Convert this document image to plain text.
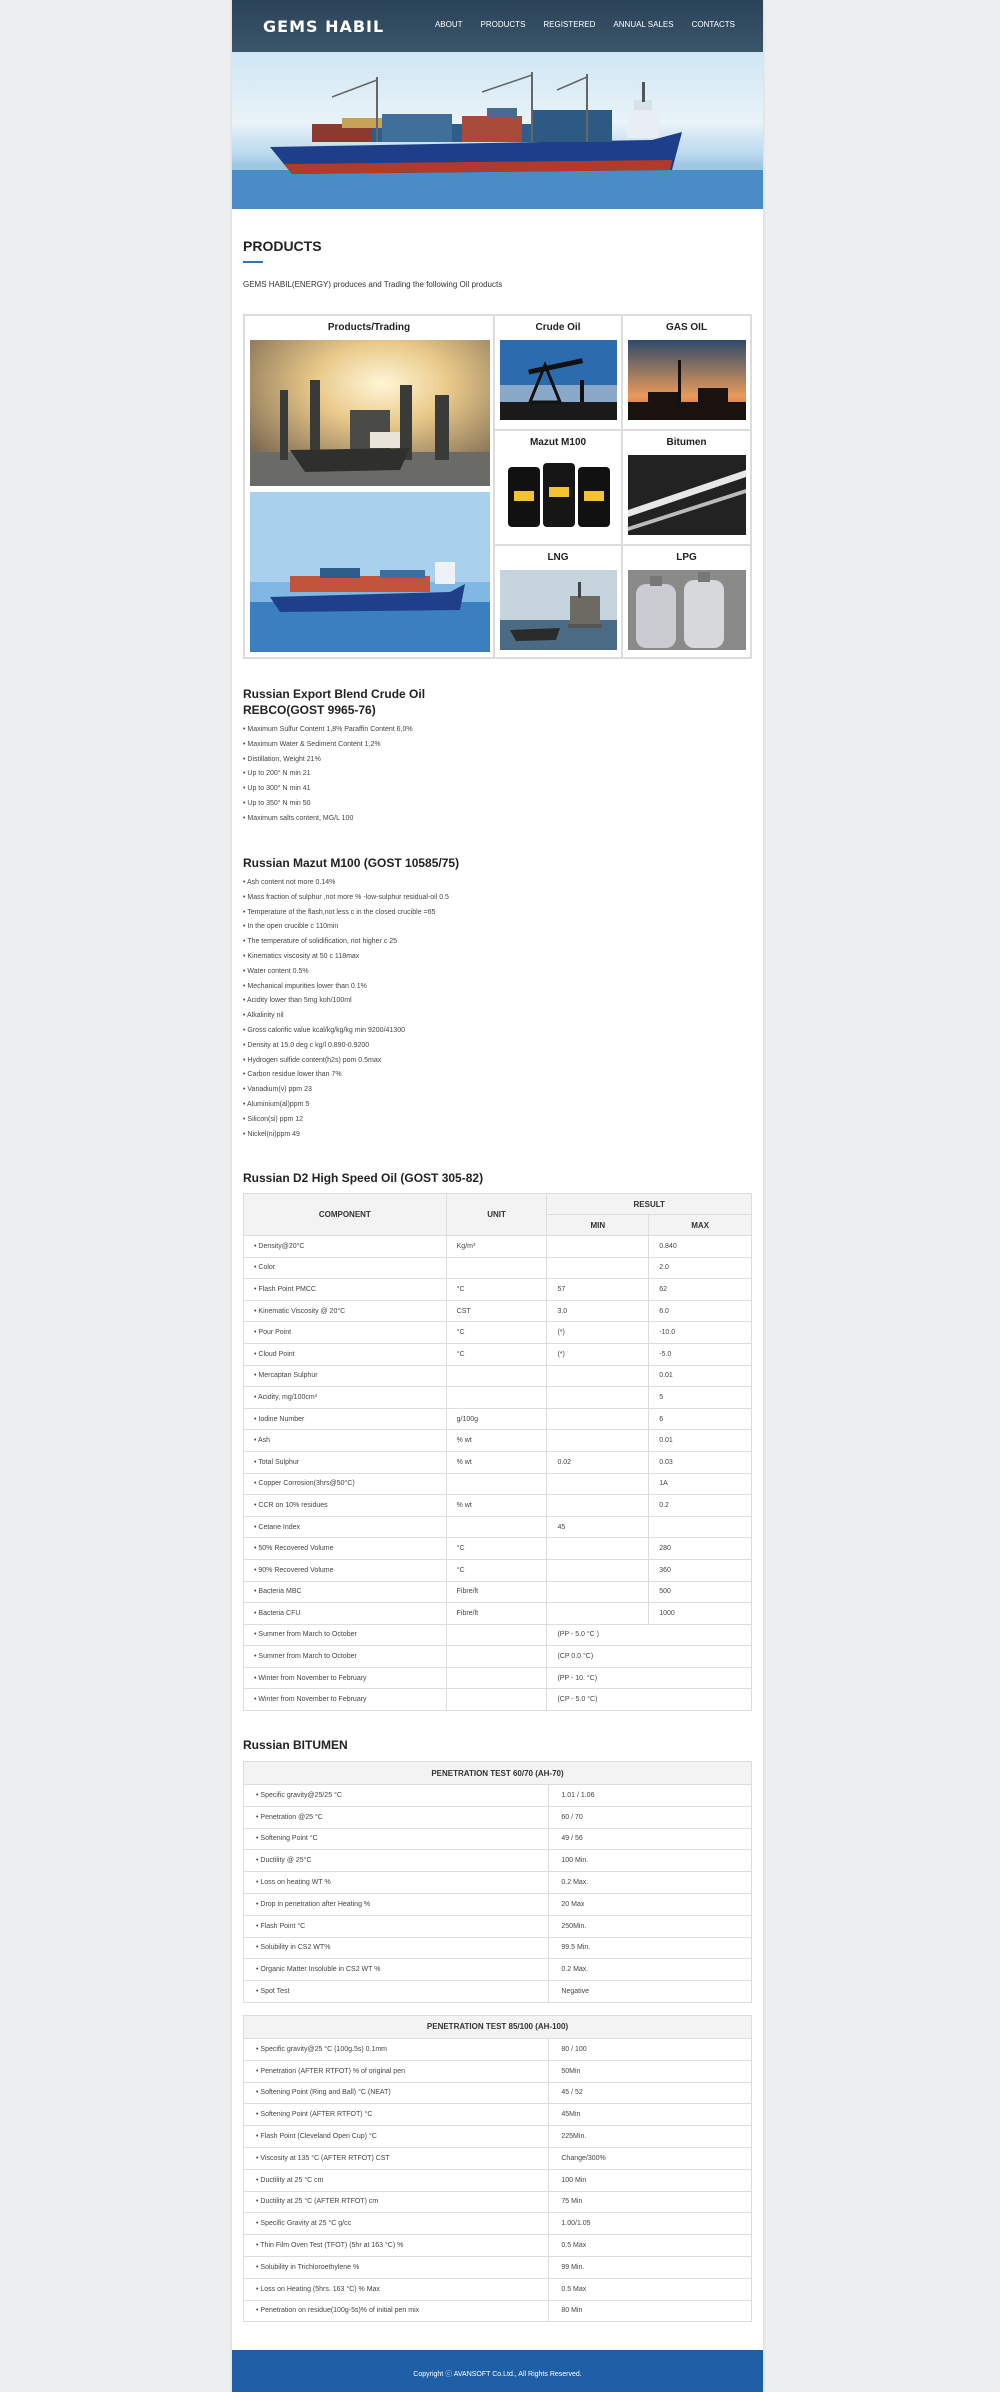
GEMS HABIL	ABOUT PRODUCTS REGISTERED ANNUAL SALES CONTACTS
PRODUCTS
GEMS HABIL(ENERGY) produces and Trading the following Oil products
Products/Trading	Crude Oil	GAS OIL
Mazut M100	Bitumen
LNG	LPG
Russian Export Blend Crude Oil
REBCO(GOST 9965-76)
• Maximum Sulfur Content 1,8% Paraffin Content 6,0%
• Maximum Water & Sediment Content 1,2%
• Distillation, Weight 21%
• Up to 200° N min 21
• Up to 300° N min 41
• Up to 350° N min 50
• Maximum salts content, MG/L 100
Russian Mazut M100 (GOST 10585/75)
• Ash content not more 0.14%
• Mass fraction of sulphur ,not more % -low-sulphur residual-oil 0.5
• Temperature of the flash,not less c in the closed crucible =65
• In the open crucible c 110min
• The temperature of solidification, not higher c 25
• Kinematics viscosity at 50 c 118max
• Water content 0.5%
• Mechanical impurities lower than 0.1%
• Acidity lower than 5mg koh/100ml
• Alkalinity nil
• Gross calorific value kcal/kg/kg/kg min 9200/41300
• Density at 15.0 deg c kg/l 0.890-0.9200
• Hydrogen sulfide content(h2s) pom 0.5max
• Carbon residue lower than 7%
• Vanadium(v) ppm 23
• Aluminium(al)ppm 5
• Silicon(si) ppm 12
• Nickel(ni)ppm 49
Russian D2 High Speed Oil (GOST 305-82)
COMPONENT	UNIT	RESULT	
		MIN	MAX
• Density@20°C	Kg/m³		0.840
• Color			2.0
• Flash Point PMCC	°C	57	62
• Kinematic Viscosity @ 20°C	CST	3.0	6.0
• Pour Point	°C	(*)	-10.0
• Cloud Point	°C	(*)	-5.0
• Mercaptan Sulphur			0.01
• Acidity, mg/100cm³			5
• Iodine Number	g/100g		6
• Ash	% wt		0.01
• Total Sulphur	% wt	0.02	0.03
• Copper Corrosion(3hrs@50°C)			1A
• CCR on 10% residues	% wt		0.2
• Cetane Index		45	
• 50% Recovered Volume	°C		280
• 90% Recovered Volume	°C		360
• Bacteria MBC	Fibre/lt		500
• Bacteria CFU	Fibre/lt		1000
• Summer from March to October		(PP - 5.0 °C )	
• Summer from March to October		(CP 0.0 °C)	
• Winter from November to February		(PP - 10. °C)	
• Winter from November to February		(CP - 5.0 °C)	
Russian BITUMEN
PENETRATION TEST 60/70 (AH-70)	
• Specific gravity@25/25 °C	1.01 / 1.06
• Penetration @25 °C	60 / 70
• Softening Point °C	49 / 56
• Ductility @ 25°C	100 Min.
• Loss on heating WT %	0.2 Max.
• Drop in penetration after Heating %	20 Max
• Flash Point °C	250Min.
• Solubility in CS2 WT%	99.5 Min.
• Organic Matter Insoluble in CS2 WT %	0.2 Max.
• Spot Test	Negative
PENETRATION TEST 85/100 (AH-100)	
• Specific gravity@25 °C (100g.5s) 0.1mm	80 / 100
• Penetration (AFTER RTFOT) % of original pen	50Min
• Softening Point (Ring and Ball) °C (NEAT)	45 / 52
• Softening Point (AFTER RTFOT) °C	45Min
• Flash Point (Cleveland Open Cup) °C	225Min.
• Viscosity at 135 °C (AFTER RTFOT) CST	Change/300%
• Ductility at 25 °C cm	100 Min
• Ductility at 25 °C (AFTER RTFOT) cm	75 Min
• Specific Gravity at 25 °C g/cc	1.00/1.05
• Thin Film Oven Test (TFOT) (5hr at 163 °C) %	0.5 Max
• Solubility in Trichloroethylene %	99 Min.
• Loss on Heating (5hrs. 163 °C) % Max	0.5 Max
• Penetration on residue(100g-5s)% of initial pen mix	80 Min
Copyright ⓒ AVANSOFT Co.Ltd., All Rights Reserved.
